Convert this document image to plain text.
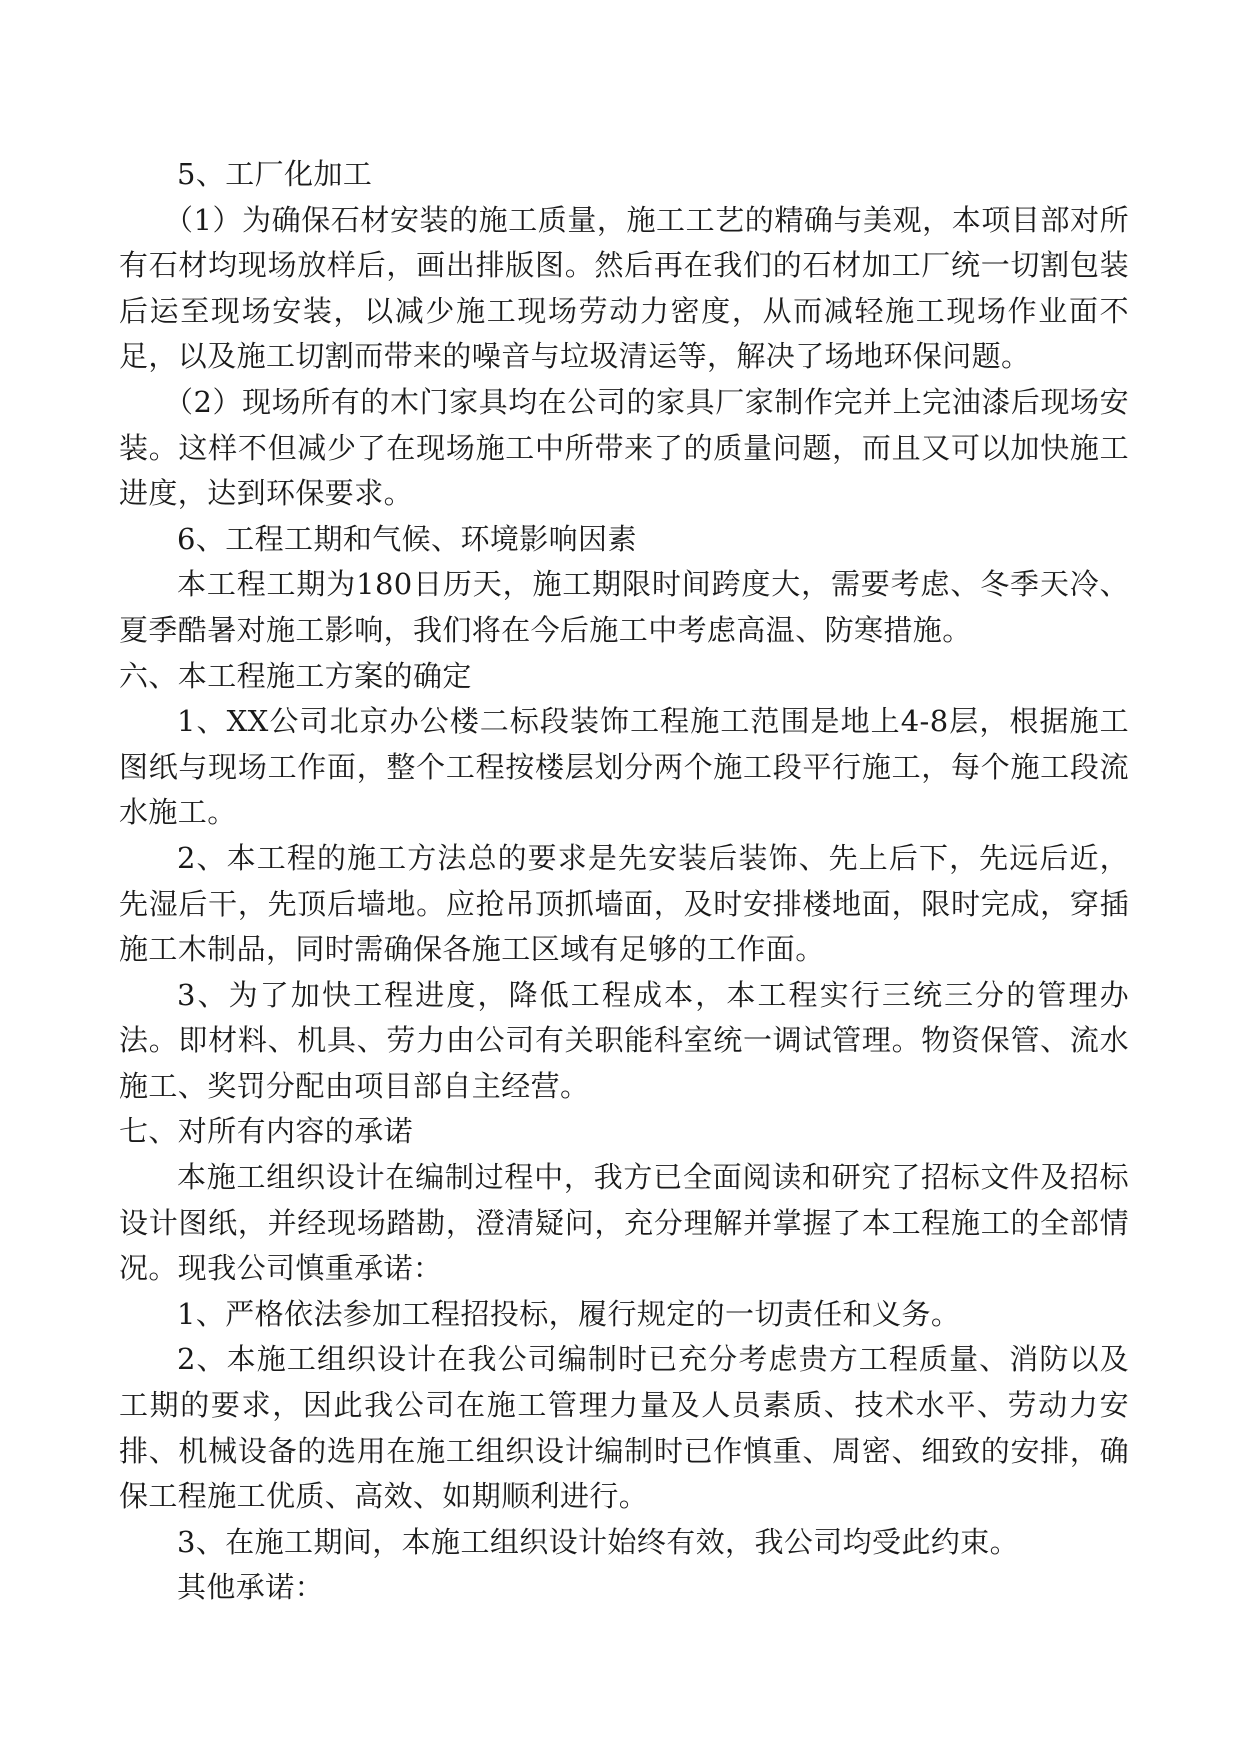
5、工厂化加工

（1）为确保石材安装的施工质量，施工工艺的精确与美观，本项目部对所有石材均现场放样后，画出排版图。然后再在我们的石材加工厂统一切割包装后运至现场安装，以减少施工现场劳动力密度，从而减轻施工现场作业面不足，以及施工切割而带来的噪音与垃圾清运等，解决了场地环保问题。

（2）现场所有的木门家具均在公司的家具厂家制作完并上完油漆后现场安装。这样不但减少了在现场施工中所带来了的质量问题，而且又可以加快施工进度，达到环保要求。

6、工程工期和气候、环境影响因素

本工程工期为180日历天，施工期限时间跨度大，需要考虑、冬季天冷、夏季酷暑对施工影响，我们将在今后施工中考虑高温、防寒措施。

六、本工程施工方案的确定

1、XX公司北京办公楼二标段装饰工程施工范围是地上4-8层，根据施工图纸与现场工作面，整个工程按楼层划分两个施工段平行施工，每个施工段流水施工。

2、本工程的施工方法总的要求是先安装后装饰、先上后下，先远后近，先湿后干，先顶后墙地。应抢吊顶抓墙面，及时安排楼地面，限时完成，穿插施工木制品，同时需确保各施工区域有足够的工作面。

3、为了加快工程进度，降低工程成本，本工程实行三统三分的管理办法。即材料、机具、劳力由公司有关职能科室统一调试管理。物资保管、流水施工、奖罚分配由项目部自主经营。

七、对所有内容的承诺

本施工组织设计在编制过程中，我方已全面阅读和研究了招标文件及招标设计图纸，并经现场踏勘，澄清疑问，充分理解并掌握了本工程施工的全部情况。现我公司慎重承诺：

1、严格依法参加工程招投标，履行规定的一切责任和义务。

2、本施工组织设计在我公司编制时已充分考虑贵方工程质量、消防以及工期的要求，因此我公司在施工管理力量及人员素质、技术水平、劳动力安排、机械设备的选用在施工组织设计编制时已作慎重、周密、细致的安排，确保工程施工优质、高效、如期顺利进行。

3、在施工期间，本施工组织设计始终有效，我公司均受此约束。

其他承诺：
